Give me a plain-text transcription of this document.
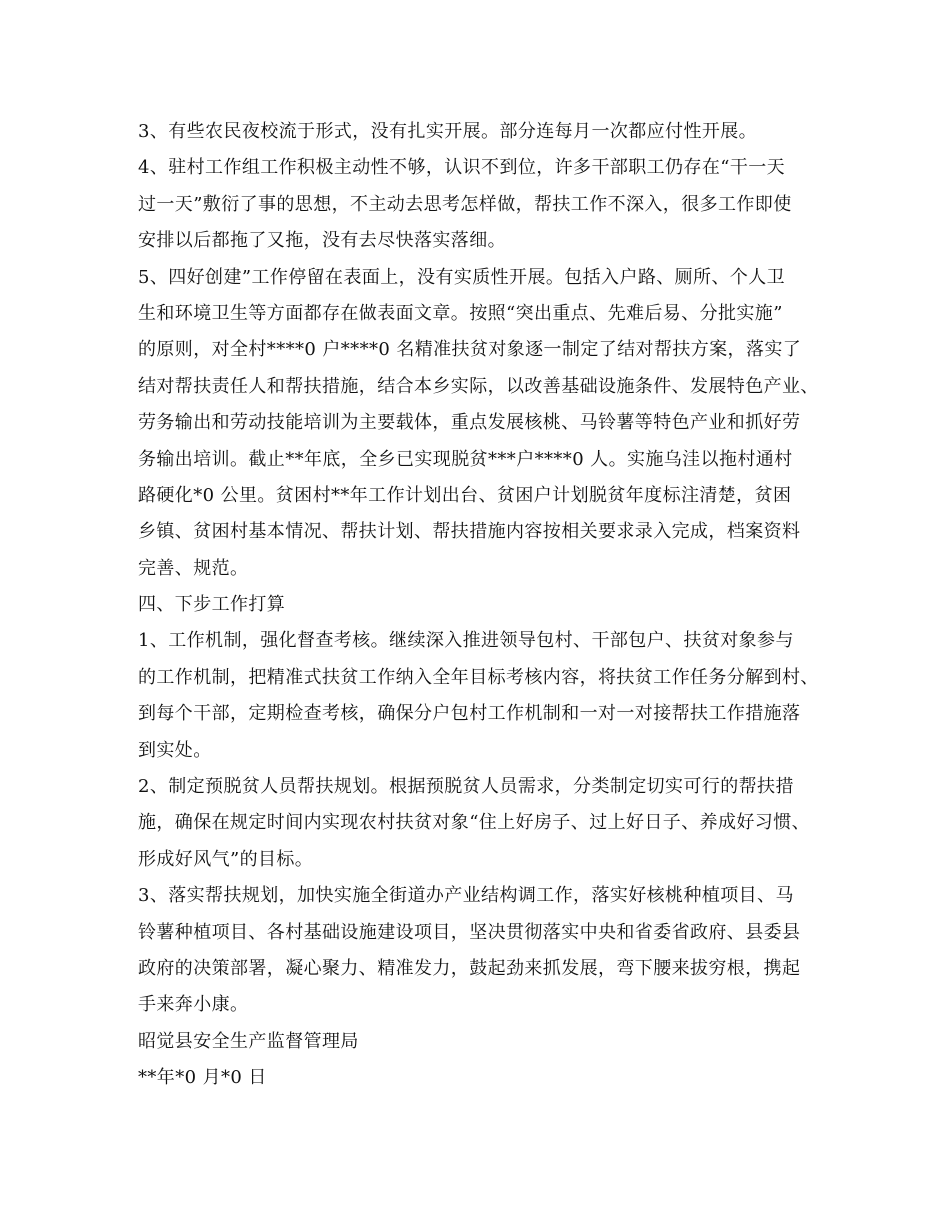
3、有些农民夜校流于形式，没有扎实开展。部分连每月一次都应付性开展。
4、驻村工作组工作积极主动性不够，认识不到位，许多干部职工仍存在“干一天
过一天”敷衍了事的思想，不主动去思考怎样做，帮扶工作不深入，很多工作即使
安排以后都拖了又拖，没有去尽快落实落细。
5、四好创建”工作停留在表面上，没有实质性开展。包括入户路、厕所、个人卫
生和环境卫生等方面都存在做表面文章。按照“突出重点、先难后易、分批实施”
的原则，对全村****0 户****0 名精准扶贫对象逐一制定了结对帮扶方案，落实了
结对帮扶责任人和帮扶措施，结合本乡实际，以改善基础设施条件、发展特色产业、
劳务输出和劳动技能培训为主要载体，重点发展核桃、马铃薯等特色产业和抓好劳
务输出培训。截止**年底，全乡已实现脱贫***户****0 人。实施乌洼以拖村通村
路硬化*0 公里。贫困村**年工作计划出台、贫困户计划脱贫年度标注清楚，贫困
乡镇、贫困村基本情况、帮扶计划、帮扶措施内容按相关要求录入完成，档案资料
完善、规范。
四、下步工作打算
1、工作机制，强化督查考核。继续深入推进领导包村、干部包户、扶贫对象参与
的工作机制，把精准式扶贫工作纳入全年目标考核内容，将扶贫工作任务分解到村、
到每个干部，定期检查考核，确保分户包村工作机制和一对一对接帮扶工作措施落
到实处。
2、制定预脱贫人员帮扶规划。根据预脱贫人员需求，分类制定切实可行的帮扶措
施，确保在规定时间内实现农村扶贫对象“住上好房子、过上好日子、养成好习惯、
形成好风气”的目标。
3、落实帮扶规划，加快实施全街道办产业结构调工作，落实好核桃种植项目、马
铃薯种植项目、各村基础设施建设项目，坚决贯彻落实中央和省委省政府、县委县
政府的决策部署，凝心聚力、精准发力，鼓起劲来抓发展，弯下腰来拔穷根，携起
手来奔小康。
昭觉县安全生产监督管理局
**年*0 月*0 日
